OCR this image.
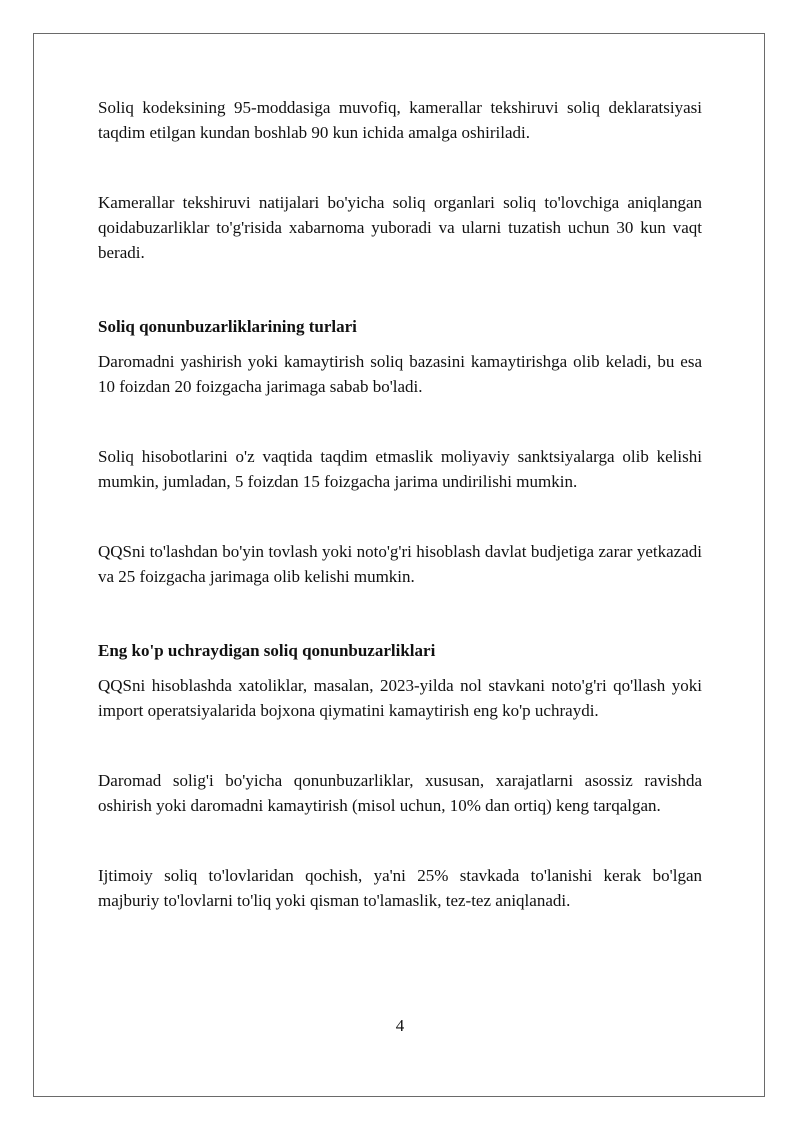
Soliq kodeksining 95-moddasiga muvofiq, kamerallar tekshiruvi soliq deklaratsiyasi taqdim etilgan kundan boshlab 90 kun ichida amalga oshiriladi.

Kamerallar tekshiruvi natijalari bo'yicha soliq organlari soliq to'lovchiga aniqlangan qoidabuzarliklar to'g'risida xabarnoma yuboradi va ularni tuzatish uchun 30 kun vaqt beradi.

Soliq qonunbuzarliklarining turlari

Daromadni yashirish yoki kamaytirish soliq bazasini kamaytirishga olib keladi, bu esa 10 foizdan 20 foizgacha jarimaga sabab bo'ladi.

Soliq hisobotlarini o'z vaqtida taqdim etmaslik moliyaviy sanktsiyalarga olib kelishi mumkin, jumladan, 5 foizdan 15 foizgacha jarima undirilishi mumkin.

QQSni to'lashdan bo'yin tovlash yoki noto'g'ri hisoblash davlat budjetiga zarar yetkazadi va 25 foizgacha jarimaga olib kelishi mumkin.

Eng ko'p uchraydigan soliq qonunbuzarliklari

QQSni hisoblashda xatoliklar, masalan, 2023-yilda nol stavkani noto'g'ri qo'llash yoki import operatsiyalarida bojxona qiymatini kamaytirish eng ko'p uchraydi.

Daromad solig'i bo'yicha qonunbuzarliklar, xususan, xarajatlarni asossiz ravishda oshirish yoki daromadni kamaytirish (misol uchun, 10% dan ortiq) keng tarqalgan.

Ijtimoiy soliq to'lovlaridan qochish, ya'ni 25% stavkada to'lanishi kerak bo'lgan majburiy to'lovlarni to'liq yoki qisman to'lamaslik, tez-tez aniqlanadi.

4
